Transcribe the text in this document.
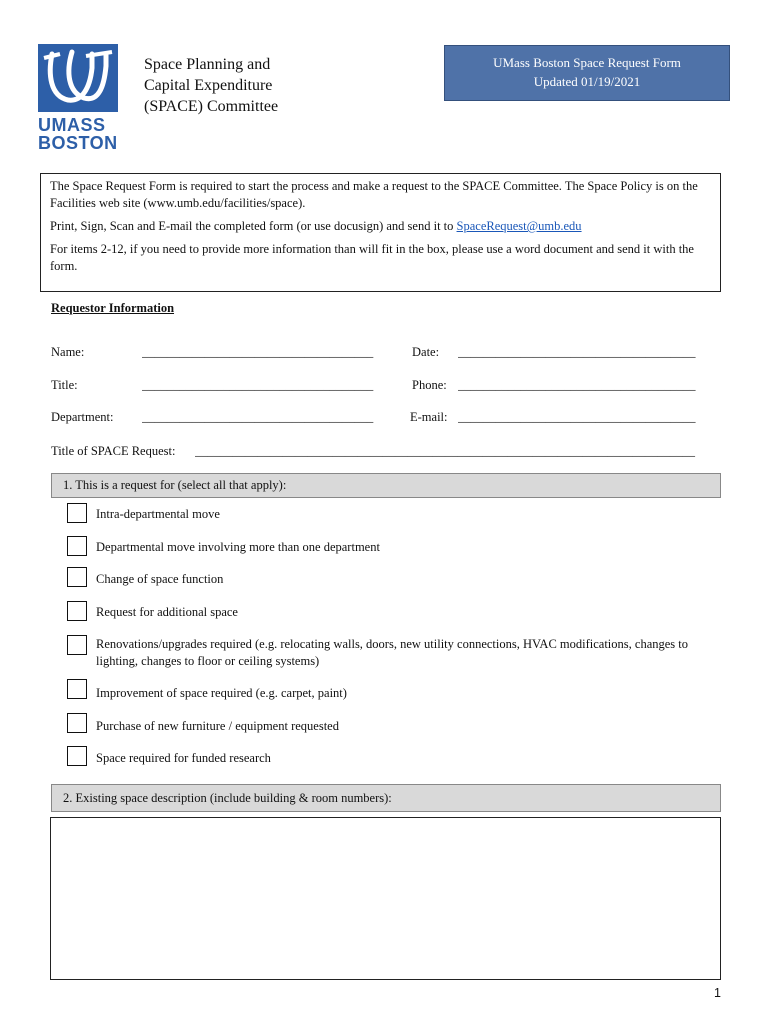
UMASS
BOSTON
Space Planning and
Capital Expenditure
(SPACE) Committee
UMass Boston Space Request Form
Updated 01/19/2021

The Space Request Form is required to start the process and make a request to the SPACE Committee. The Space Policy is on the Facilities web site (www.umb.edu/facilities/space).

Print, Sign, Scan and E-mail the completed form (or use docusign) and send it to SpaceRequest@umb.edu

For items 2-12, if you need to provide more information than will fit in the box, please use a word document and send it with the form.

Requestor Information
Name:	_____________________________________	Date: ______________________________________
Title:	_____________________________________	Phone: ______________________________________
Department: _____________________________________	E-mail: ______________________________________
Title of SPACE Request: ________________________________________________________________________________
1. This is a request for (select all that apply):
Intra-departmental move
Departmental move involving more than one department
Change of space function
Request for additional space
Renovations/upgrades required (e.g. relocating walls, doors, new utility connections, HVAC modifications, changes to lighting, changes to floor or ceiling systems)
Improvement of space required (e.g. carpet, paint)
Purchase of new furniture / equipment requested
Space required for funded research
2. Existing space description (include building & room numbers):
1
